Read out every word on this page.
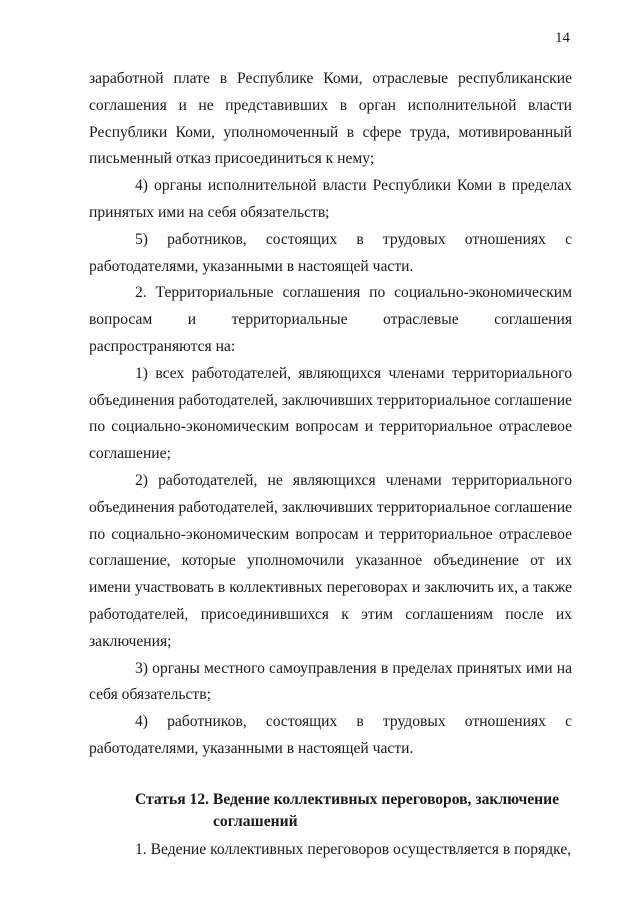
14

заработной плате в Республике Коми, отраслевые республиканские соглашения и не представивших в орган исполнительной власти Республики Коми, уполномоченный в сфере труда, мотивированный письменный отказ присоединиться к нему;

4) органы исполнительной власти Республики Коми в пределах принятых ими на себя обязательств;

5) работников, состоящих в трудовых отношениях с работодателями, указанными в настоящей части.

2. Территориальные соглашения по социально-экономическим вопросам и территориальные отраслевые соглашения распространяются на:

1) всех работодателей, являющихся членами территориального объединения работодателей, заключивших территориальное соглашение по социально-экономическим вопросам и территориальное отраслевое соглашение;

2) работодателей, не являющихся членами территориального объединения работодателей, заключивших территориальное соглашение по социально-экономическим вопросам и территориальное отраслевое соглашение, которые уполномочили указанное объединение от их имени участвовать в коллективных переговорах и заключить их, а также работодателей, присоединившихся к этим соглашениям после их заключения;

3) органы местного самоуправления в пределах принятых ими на себя обязательств;

4) работников, состоящих в трудовых отношениях с работодателями, указанными в настоящей части.

Статья 12. Ведение коллективных переговоров, заключение
соглашений

1. Ведение коллективных переговоров осуществляется в порядке,
